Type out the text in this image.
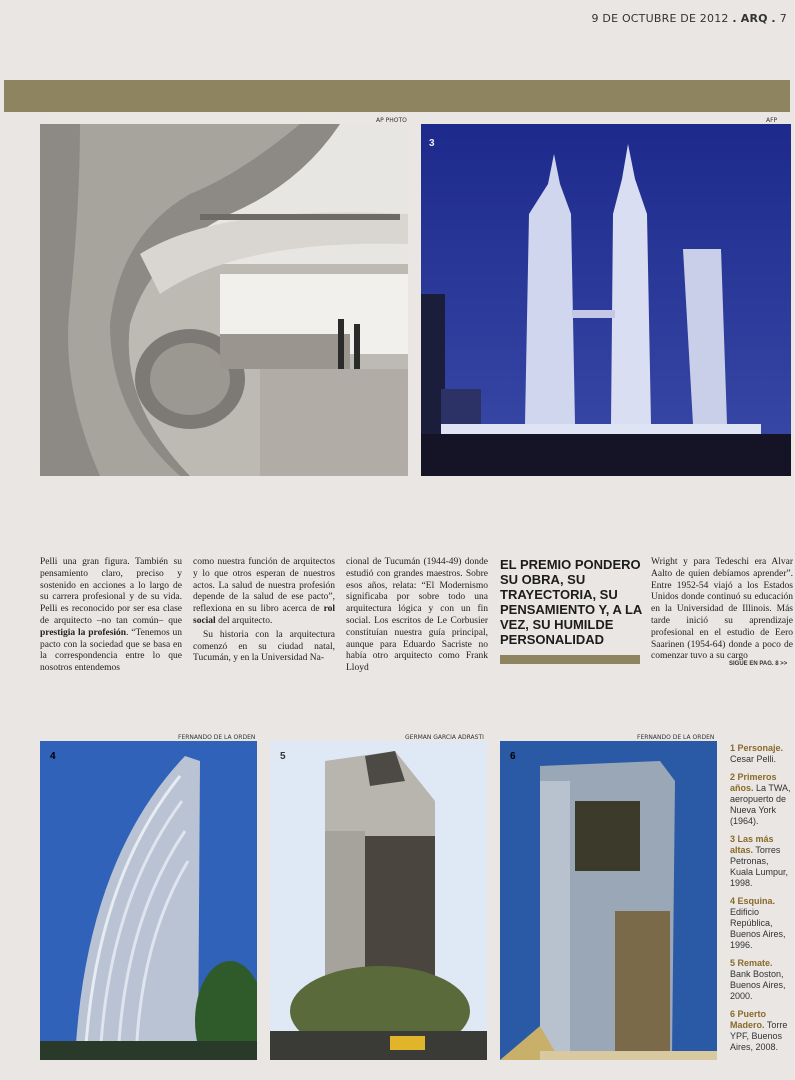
9 DE OCTUBRE DE 2012 . ARQ . 7
AP PHOTO	AFP
3
Pelli una gran figura. También su pensamiento claro, preciso y sostenido en acciones a lo largo de su carrera profesional y de su vida. Pelli es reconocido por ser esa clase de arquitecto –no tan común– que prestigia la profesión. “Tenemos un pacto con la sociedad que se basa en la correspondencia entre lo que nosotros entendemos
como nuestra función de arquitectos y lo que otros esperan de nuestros actos. La salud de nuestra profesión depende de la salud de ese pacto”, reflexiona en su libro acerca de rol social del arquitecto.
Su historia con la arquitectura comenzó en su ciudad natal, Tucumán, y en la Universidad Na-
cional de Tucumán (1944-49) donde estudió con grandes maestros. Sobre esos años, relata: “El Modernismo significaba por sobre todo una arquitectura lógica y con un fin social. Los escritos de Le Corbusier constituían nuestra guía principal, aunque para Eduardo Sacriste no había otro arquitecto como Frank Lloyd
EL PREMIO PONDERO SU OBRA, SU TRAYECTORIA, SU PENSAMIENTO Y, A LA VEZ, SU HUMILDE PERSONALIDAD
Wright y para Tedeschi era Alvar Aalto de quien debíamos aprender”. Entre 1952-54 viajó a los Estados Unidos donde continuó su educación en la Universidad de Illinois. Más tarde inició su aprendizaje profesional en el estudio de Eero Saarinen (1954-64) donde a poco de comenzar tuvo a su cargo
SIGUE EN PAG. 8 >>
FERNANDO DE LA ORDEN
4
GERMAN GARCIA ADRASTI
5
FERNANDO DE LA ORDEN
6
1 Personaje. Cesar Pelli.
2 Primeros años. La TWA, aeropuerto de Nueva York (1964).
3 Las más altas. Torres Petronas, Kuala Lumpur, 1998.
4 Esquina. Edificio República, Buenos Aires, 1996.
5 Remate. Bank Boston, Buenos Aires, 2000.
6 Puerto Madero. Torre YPF, Buenos Aires, 2008.
